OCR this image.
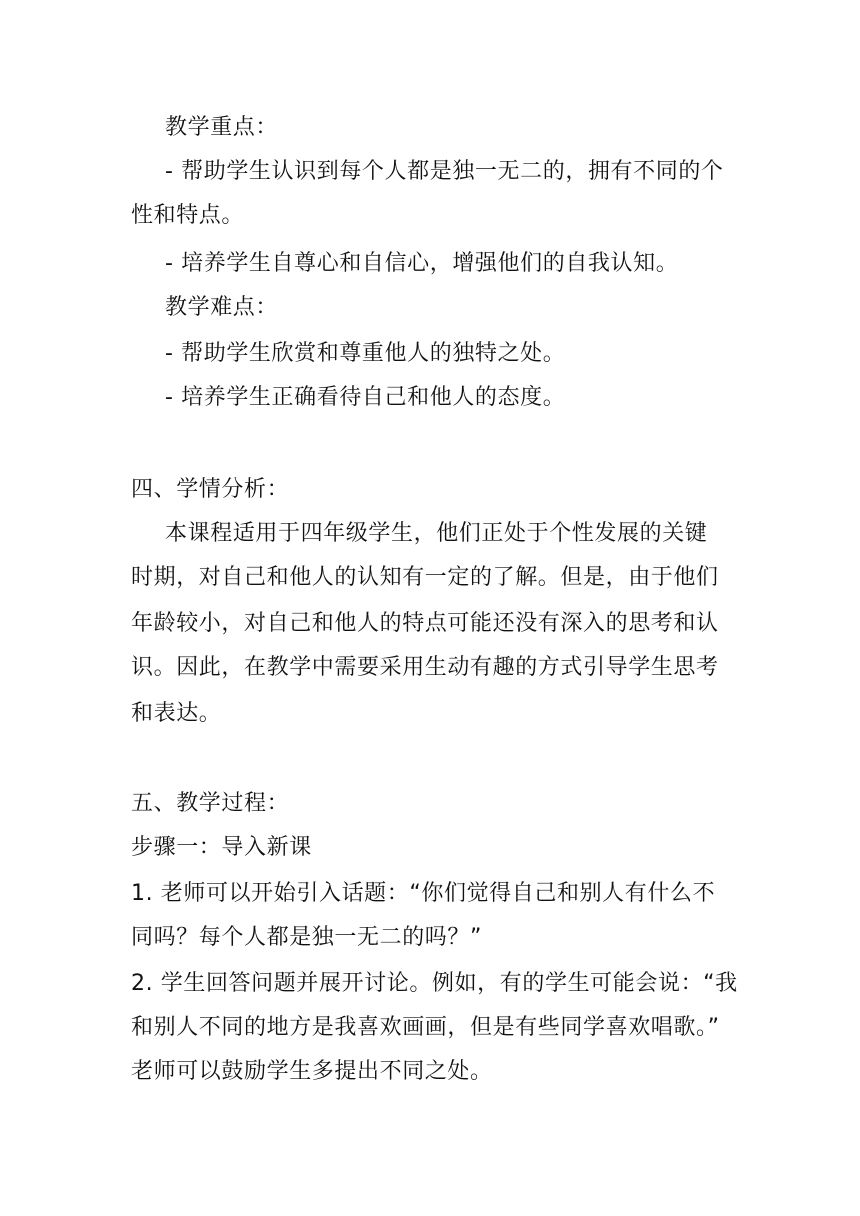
教学重点：
- 帮助学生认识到每个人都是独一无二的，拥有不同的个
性和特点。
- 培养学生自尊心和自信心，增强他们的自我认知。
教学难点：
- 帮助学生欣赏和尊重他人的独特之处。
- 培养学生正确看待自己和他人的态度。
四、学情分析：
本课程适用于四年级学生，他们正处于个性发展的关键
时期，对自己和他人的认知有一定的了解。但是，由于他们
年龄较小，对自己和他人的特点可能还没有深入的思考和认
识。因此，在教学中需要采用生动有趣的方式引导学生思考
和表达。
五、教学过程：
步骤一：导入新课
1. 老师可以开始引入话题：“你们觉得自己和别人有什么不
同吗？每个人都是独一无二的吗？”
2. 学生回答问题并展开讨论。例如，有的学生可能会说：“我
和别人不同的地方是我喜欢画画，但是有些同学喜欢唱歌。”
老师可以鼓励学生多提出不同之处。
